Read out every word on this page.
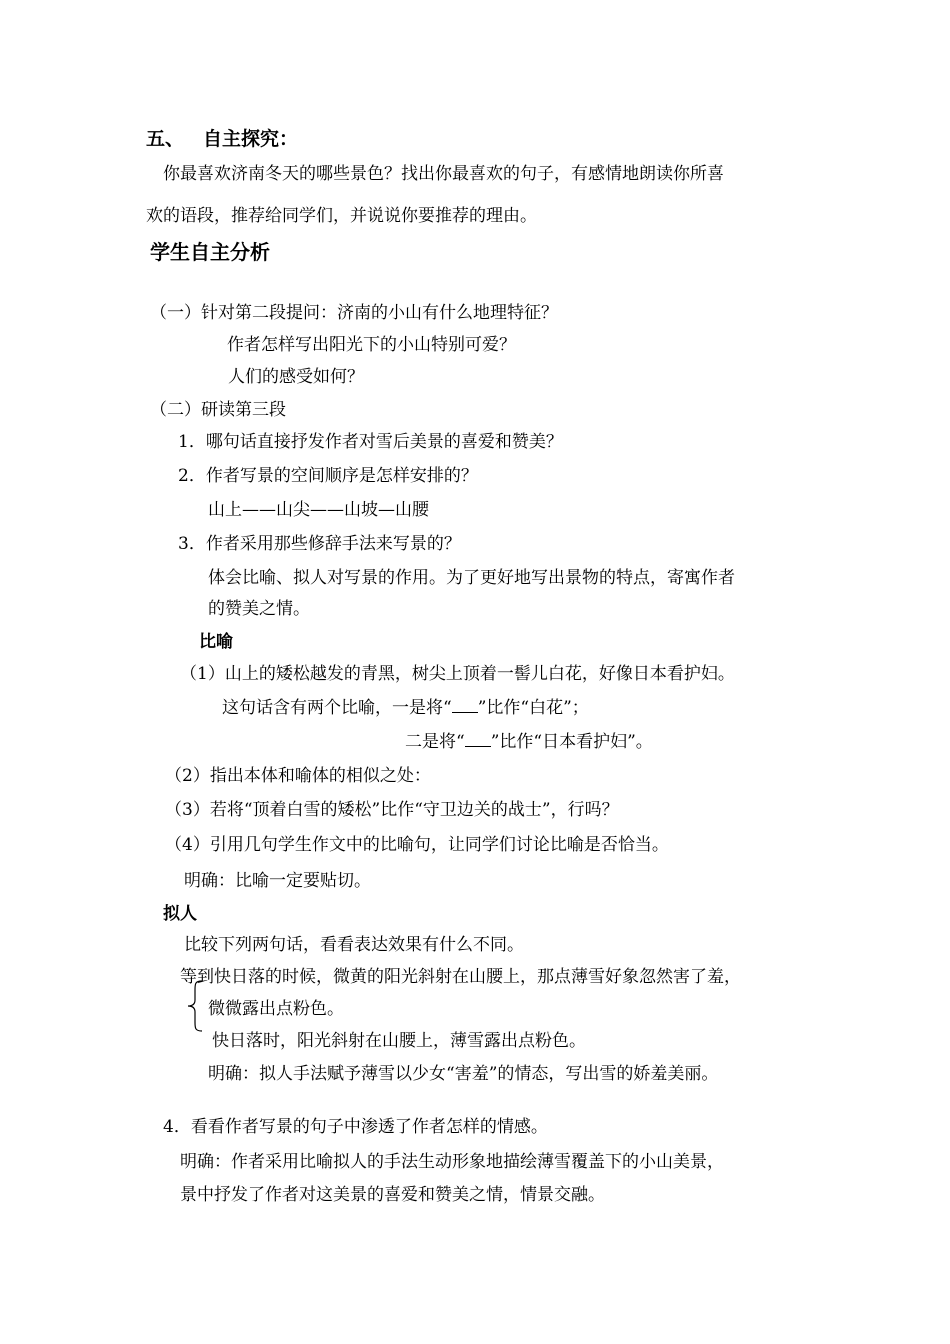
五、 自主探究：
你最喜欢济南冬天的哪些景色？找出你最喜欢的句子，有感情地朗读你所喜
欢的语段，推荐给同学们，并说说你要推荐的理由。
学生自主分析
（一）针对第二段提问：济南的小山有什么地理特征？
作者怎样写出阳光下的小山特别可爱？
人们的感受如何？
（二）研读第三段
1．哪句话直接抒发作者对雪后美景的喜爱和赞美？
2．作者写景的空间顺序是怎样安排的？
山上——山尖——山坡—山腰
3．作者采用那些修辞手法来写景的？
体会比喻、拟人对写景的作用。为了更好地写出景物的特点，寄寓作者
的赞美之情。
比喻
（1）山上的矮松越发的青黑，树尖上顶着一髻儿白花，好像日本看护妇。
这句话含有两个比喻，一是将“ ”比作“白花”；
二是将“ ”比作“日本看护妇”。
（2）指出本体和喻体的相似之处：
（3）若将“顶着白雪的矮松”比作“守卫边关的战士”，行吗？
（4）引用几句学生作文中的比喻句，让同学们讨论比喻是否恰当。
明确：比喻一定要贴切。
拟人
比较下列两句话，看看表达效果有什么不同。
等到快日落的时候，微黄的阳光斜射在山腰上，那点薄雪好象忽然害了羞，
微微露出点粉色。
快日落时，阳光斜射在山腰上，薄雪露出点粉色。
明确：拟人手法赋予薄雪以少女“害羞”的情态，写出雪的娇羞美丽。
4．看看作者写景的句子中渗透了作者怎样的情感。
明确：作者采用比喻拟人的手法生动形象地描绘薄雪覆盖下的小山美景，
景中抒发了作者对这美景的喜爱和赞美之情，情景交融。
